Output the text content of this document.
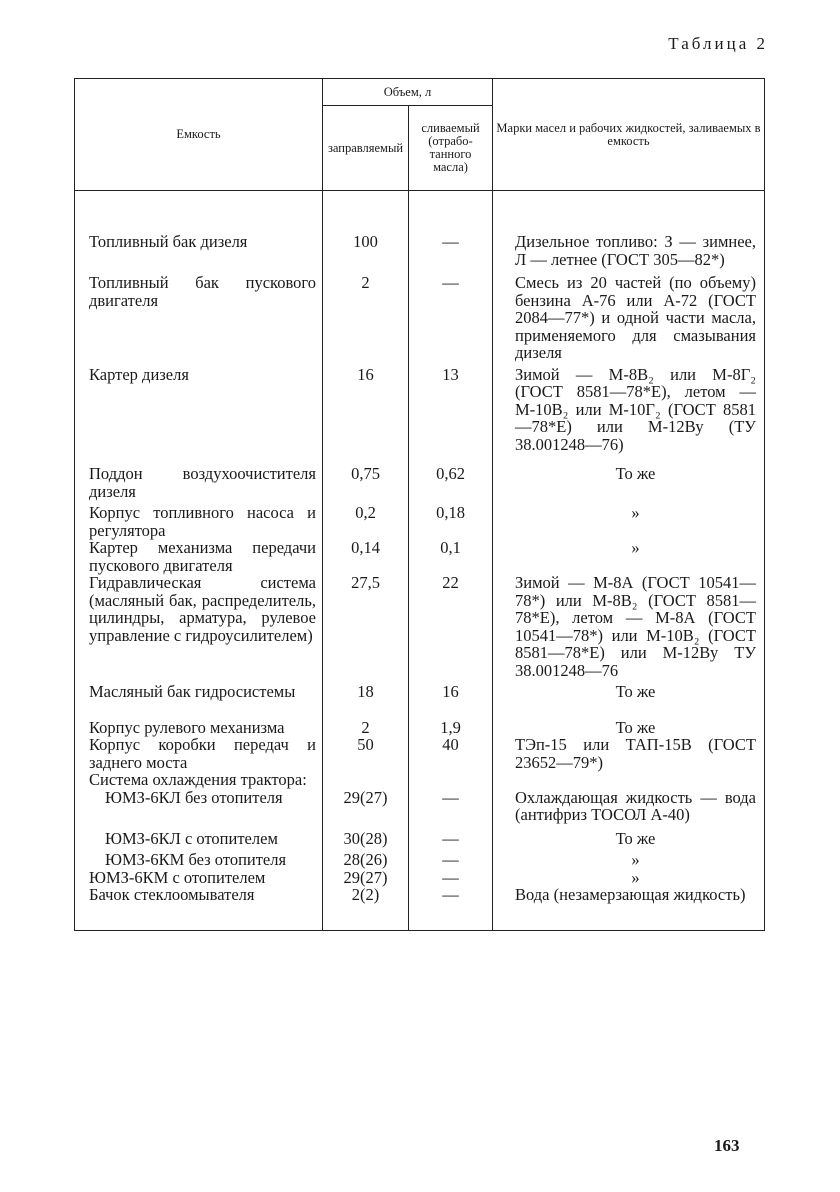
Таблица 2
Емкость	Объем, л		Марки масел и рабочих жидкостей, заливаемых в емкость
	заправляемый	сливаемый (отработанного масла)	

Топливный бак дизеля	100	—	Дизельное топливо: З — зимнее, Л — летнее (ГОСТ 305—82*)
Топливный бак пускового двигателя	2	—	Смесь из 20 частей (по объему) бензина А-76 или А-72 (ГОСТ 2084—77*) и одной части масла, применяемого для смазывания дизеля
Картер дизеля	16	13	Зимой — М-8В₂ или М-8Г₂ (ГОСТ 8581—78*Е), летом — М-10В₂ или М-10Г₂ (ГОСТ 8581—78*Е) или М-12Ву (ТУ 38.001248—76)
Поддон воздухоочистителя дизеля	0,75	0,62	То же
Корпус топливного насоса и регулятора	0,2	0,18	»
Картер механизма передачи пускового двигателя	0,14	0,1	»
Гидравлическая система (масляный бак, распределитель, цилиндры, арматура, рулевое управление с гидроусилителем)	27,5	22	Зимой — М-8А (ГОСТ 10541—78*) или М-8В₂ (ГОСТ 8581—78*Е), летом — М-8А (ГОСТ 10541—78*) или М-10В₂ (ГОСТ 8581—78*Е) или М-12Ву ТУ 38.001248—76
Масляный бак гидросистемы	18	16	То же
Корпус рулевого механизма	2	1,9	То же
Корпус коробки передач и заднего моста	50	40	ТЭп-15 или ТАП-15В (ГОСТ 23652—79*)
Система охлаждения трактора:			
ЮМЗ-6КЛ без отопителя	29(27)	—	Охлаждающая жидкость — вода (антифриз ТОСОЛ А-40)
ЮМЗ-6КЛ с отопителем	30(28)	—	То же
ЮМЗ-6КМ без отопителя	28(26)	—	»
ЮМЗ-6КМ с отопителем	29(27)	—	»
Бачок стеклоомывателя	2(2)	—	Вода (незамерзающая жидкость)

163
